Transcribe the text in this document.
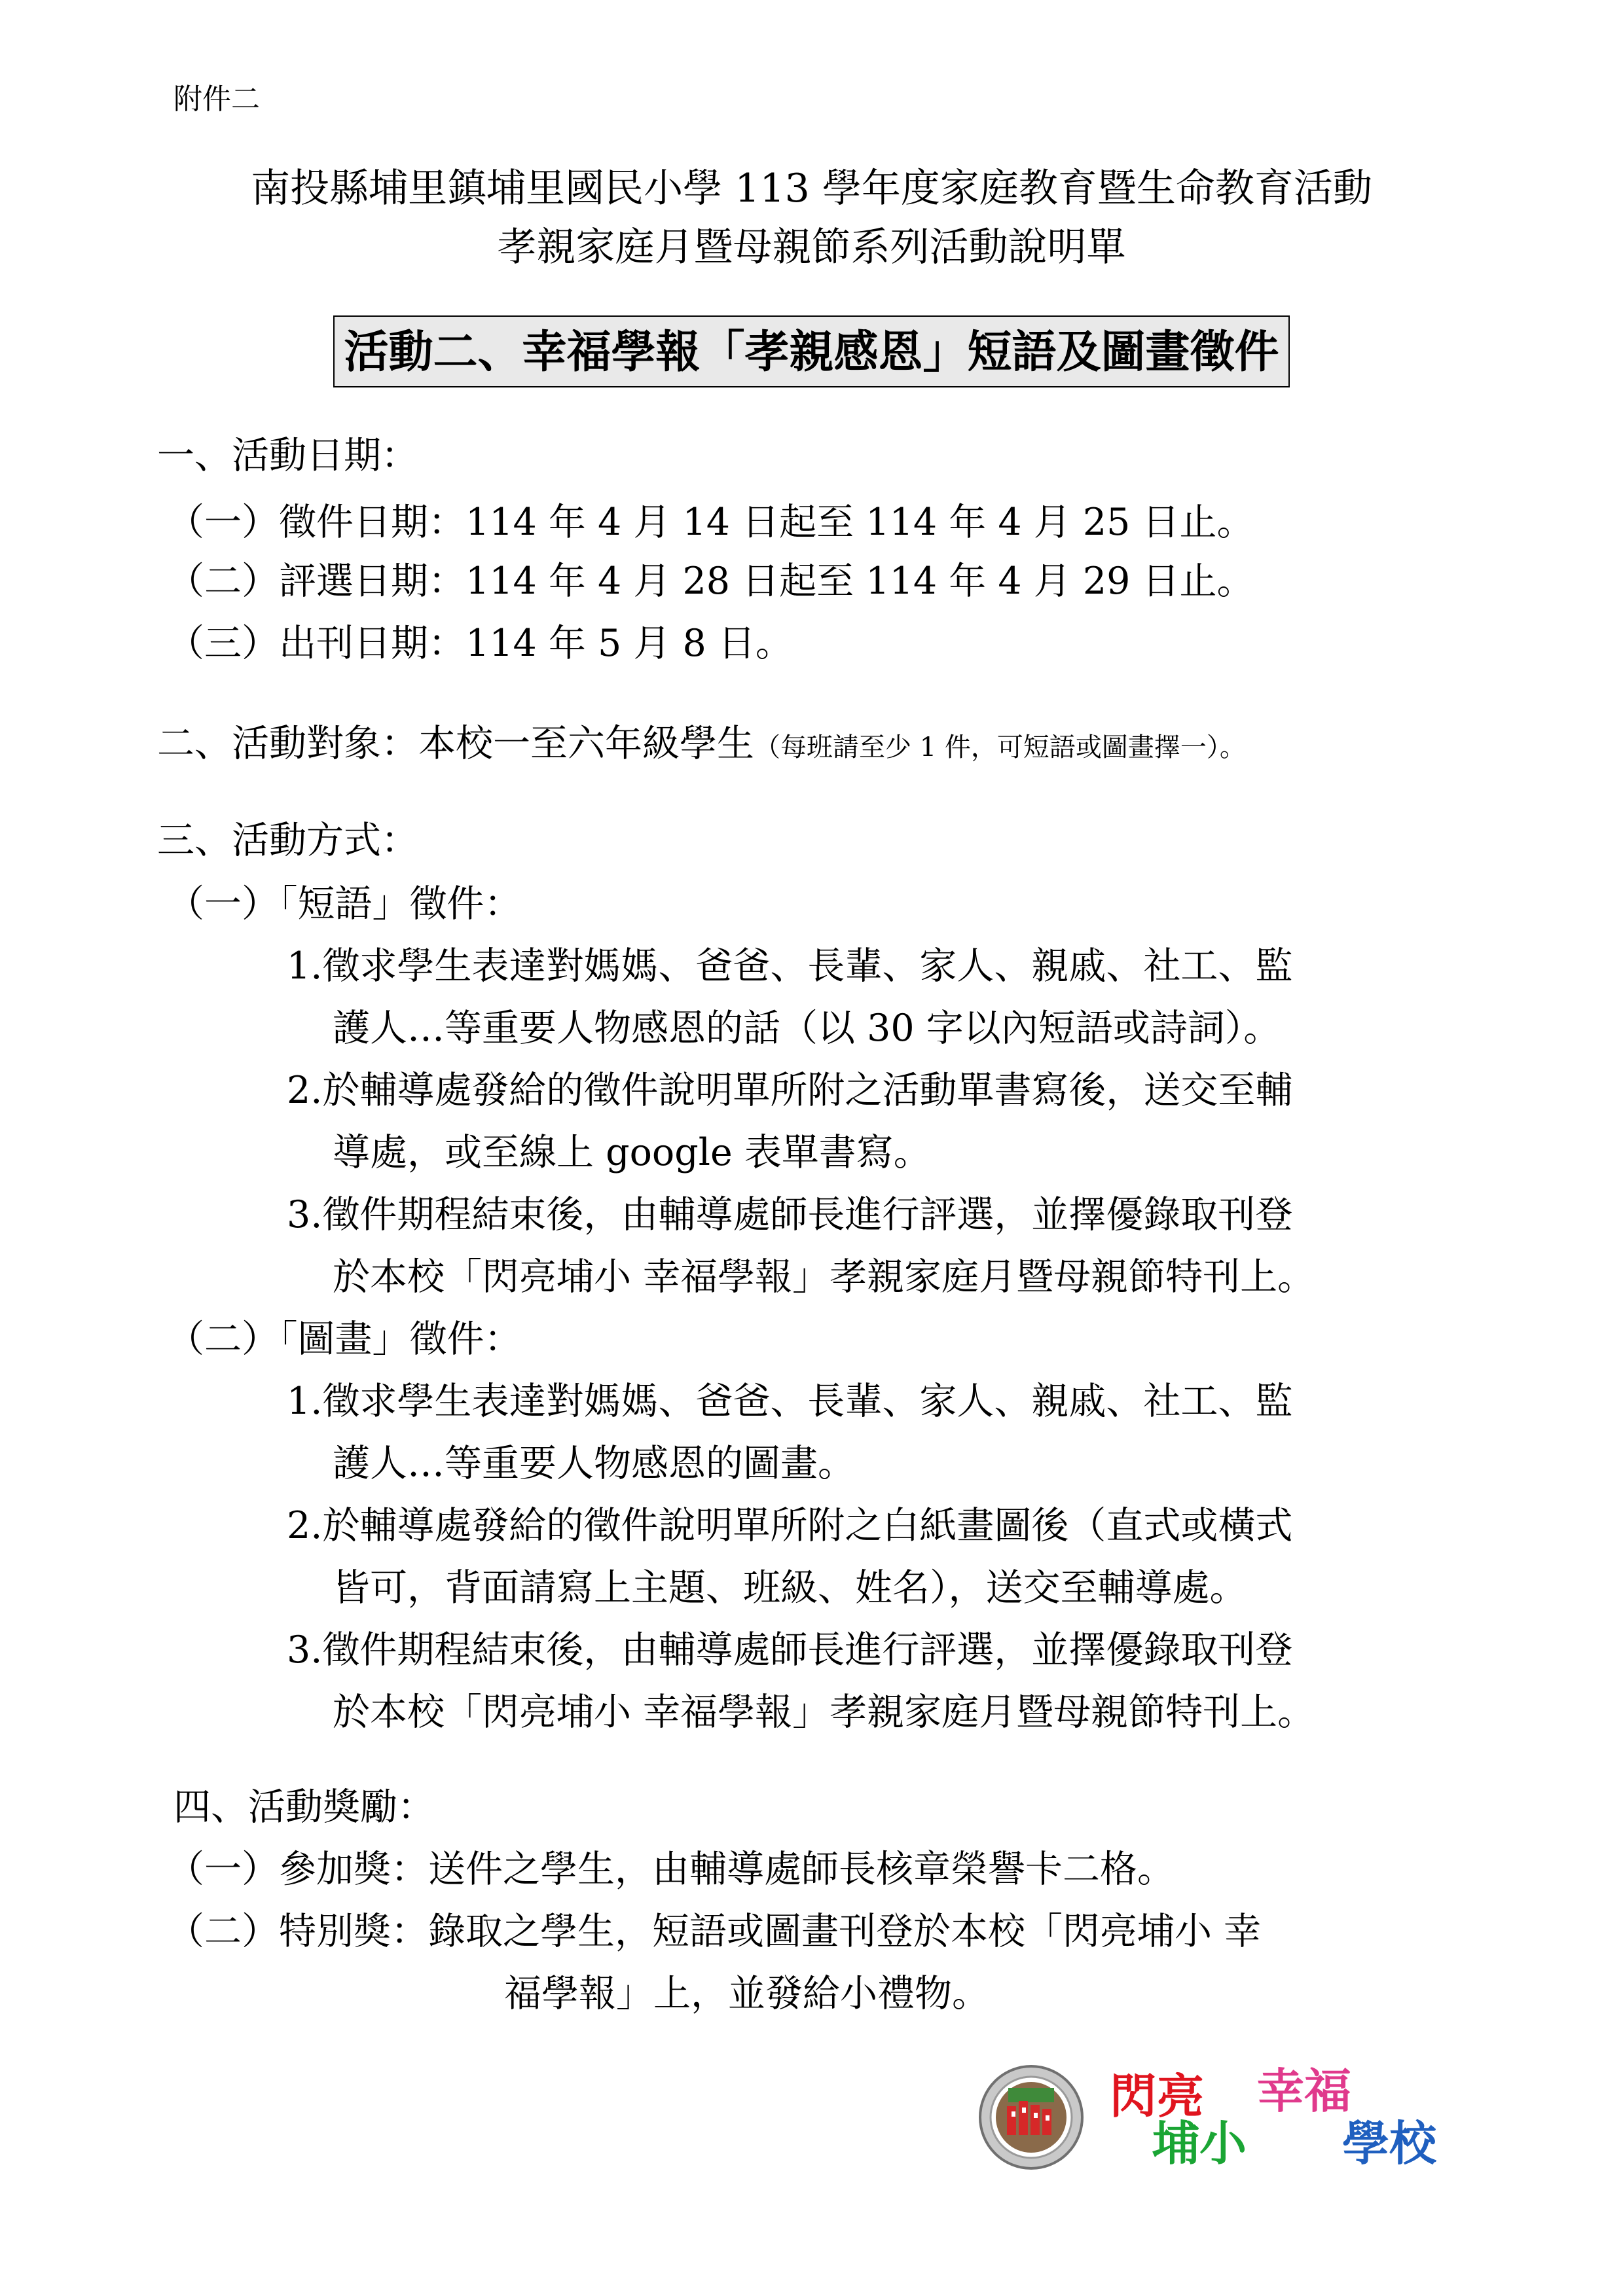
附件二
南投縣埔里鎮埔里國民小學 113 學年度家庭教育暨生命教育活動
孝親家庭月暨母親節系列活動說明單
活動二、幸福學報「孝親感恩」短語及圖畫徵件
一、活動日期：
（一）徵件日期：114 年 4 月 14 日起至 114 年 4 月 25 日止。
（二）評選日期：114 年 4 月 28 日起至 114 年 4 月 29 日止。
（三）出刊日期：114 年 5 月 8 日。
二、活動對象：本校一至六年級學生（每班請至少 1 件，可短語或圖畫擇一）。
三、活動方式：
（一）「短語」徵件：
1.徵求學生表達對媽媽、爸爸、長輩、家人、親戚、社工、監
護人…等重要人物感恩的話（以 30 字以內短語或詩詞）。
2.於輔導處發給的徵件說明單所附之活動單書寫後，送交至輔
導處，或至線上 google 表單書寫。
3.徵件期程結束後，由輔導處師長進行評選，並擇優錄取刊登
於本校「閃亮埔小 幸福學報」孝親家庭月暨母親節特刊上。
（二）「圖畫」徵件：
1.徵求學生表達對媽媽、爸爸、長輩、家人、親戚、社工、監
護人…等重要人物感恩的圖畫。
2.於輔導處發給的徵件說明單所附之白紙畫圖後（直式或橫式
皆可，背面請寫上主題、班級、姓名），送交至輔導處。
3.徵件期程結束後，由輔導處師長進行評選，並擇優錄取刊登
於本校「閃亮埔小 幸福學報」孝親家庭月暨母親節特刊上。
四、活動獎勵：
（一）參加獎：送件之學生，由輔導處師長核章榮譽卡二格。
（二）特別獎：錄取之學生，短語或圖畫刊登於本校「閃亮埔小 幸
福學報」上，並發給小禮物。
閃亮 幸福
埔小 學校
